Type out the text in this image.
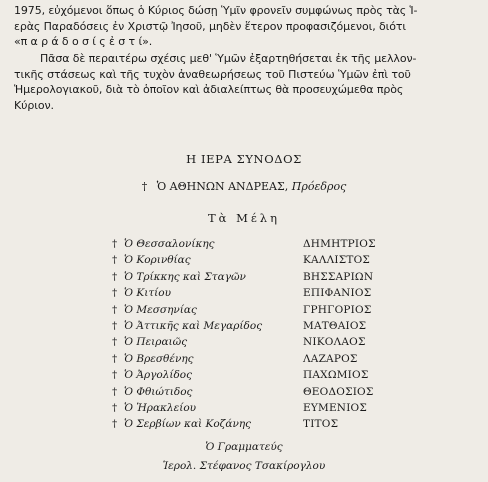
1975, εὐχόμενοι ὅπως ὁ Κύριος δώσῃ Ὑμῖν φρονεῖν συμφώνως πρὸς τὰς Ἱ-
ερὰς Παραδόσεις ἐν Χριστῷ Ἰησοῦ, μηδὲν ἕτερον προφασιζόμενοι, διότι
«π α ρ ά δ ο σ ί ς ἐ σ τ ί».
Πᾶσα δὲ περαιτέρω σχέσις μεθ' Ὑμῶν ἐξαρτηθήσεται ἐκ τῆς μελλον-
τικῆς στάσεως καὶ τῆς τυχὸν ἀναθεωρήσεως τοῦ Πιστεύω Ὑμῶν ἐπὶ τοῦ
Ἡμερολογιακοῦ, διὰ τὸ ὁποῖον καὶ ἀδιαλείπτως θὰ προσευχώμεθα πρὸς
Κύριον.
Η ΙΕΡΑ ΣΥΝΟΔΟΣ
† Ὁ ΑΘΗΝΩΝ ΑΝΔΡΕΑΣ, Πρόεδρος
Τὰ Μέλη
† Ὁ Θεσσαλονίκης	ΔΗΜΗΤΡΙΟΣ
† Ὁ Κορινθίας	ΚΑΛΛΙΣΤΟΣ
† Ὁ Τρίκκης καὶ Σταγῶν	ΒΗΣΣΑΡΙΩΝ
† Ὁ Κιτίου	ΕΠΙΦΑΝΙΟΣ
† Ὁ Μεσσηνίας	ΓΡΗΓΟΡΙΟΣ
† Ὁ Ἀττικῆς καὶ Μεγαρίδος	ΜΑΤΘΑΙΟΣ
† Ὁ Πειραιῶς	ΝΙΚΟΛΑΟΣ
† Ὁ Βρεσθένης	ΛΑΖΑΡΟΣ
† Ὁ Ἀργολίδος	ΠΑΧΩΜΙΟΣ
† Ὁ Φθιώτιδος	ΘΕΟΔΟΣΙΟΣ
† Ὁ Ἡρακλείου	ΕΥΜΕΝΙΟΣ
† Ὁ Σερβίων καὶ Κοζάνης	ΤΙΤΟΣ
Ὁ Γραμματεύς
Ἱερολ. Στέφανος Τσακίρογλου
